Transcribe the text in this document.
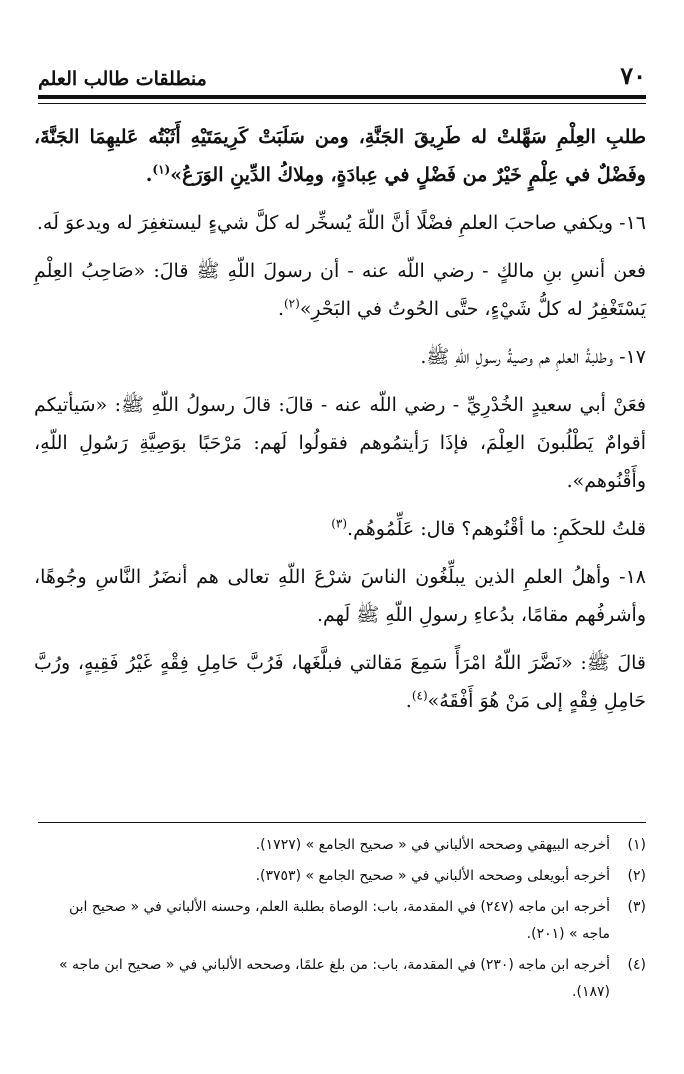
٧٠
منطلقات طالب العلم

طلبِ العِلْمِ سَهَّلتْ له طَرِيقَ الجَنَّةِ، ومن سَلَبَتْ كَرِيمَتَيْهِ أَثَبْتُه عَليهِمَا الجَنَّةَ، وفَضْلٌ في عِلْمٍ خَيْرٌ من فَضْلٍ في عِبادَةٍ، ومِلاكُ الدِّينِ الوَرَعُ»$^{(١)}$.

١٦- ويكفي صاحبَ العلمِ فضْلًا أنَّ اللّهَ يُسخِّر له كلَّ شيءٍ ليستغفِرَ له ويدعوَ لَه.

فعن أنسِ بنِ مالكٍ - رضي اللّه عنه - أن رسولَ اللّهِ ﷺ قالَ: «صَاحِبُ العِلْمِ يَسْتَغْفِرُ له كلُّ شَيْءٍ، حتَّى الحُوتُ في البَحْرِ»$^{(٢)}$.

١٧- وطلبةُ العلمِ هم وصيةُ رسولِ اللّهِ ﷺ.

فعَنْ أبي سعيدٍ الخُدْرِيِّ - رضي اللّه عنه - قالَ: قالَ رسولُ اللّهِ ﷺ: «سَيأتيكم أقوامٌ يَطْلُبونَ العِلْمَ، فإذَا رَأيتمُوهم فقولُوا لَهم: مَرْحَبًا بوَصِيَّةِ رَسُولِ اللّهِ، وأَقْنُوهم».

قلتُ للحكَمِ: ما أقْنُوهم؟ قال: عَلِّمُوهُم.$^{(٣)}$

١٨- وأهلُ العلمِ الذين يبلِّغُون الناسَ شرْعَ اللّهِ تعالى هم أنضَرُ النَّاسِ وجُوهًا، وأشرفُهم مقامًا، بدُعاءِ رسولِ اللّهِ ﷺ لَهم.

قالَ ﷺ: «نَضَّرَ اللّهُ امْرَأً سَمِعَ مَقالتي فبلَّغَها، فَرُبَّ حَامِلِ فِقْهٍ غَيْرُ فَقِيهٍ، ورُبَّ حَامِلِ فِقْهٍ إلى مَنْ هُوَ أَفْقَهُ»$^{(٤)}$.

(١)
أخرجه البيهقي وصححه الألباني في « صحيح الجامع » (١٧٢٧).
(٢)
أخرجه أبويعلى وصححه الألباني في « صحيح الجامع » (٣٧٥٣).
(٣)
أخرجه ابن ماجه (٢٤٧) في المقدمة، باب: الوصاة بطلبة العلم، وحسنه الألباني في « صحيح ابن ماجه » (٢٠١).
(٤)
أخرجه ابن ماجه (٢٣٠) في المقدمة، باب: من بلغ علمًا، وصححه الألباني في « صحيح ابن ماجه » (١٨٧).
